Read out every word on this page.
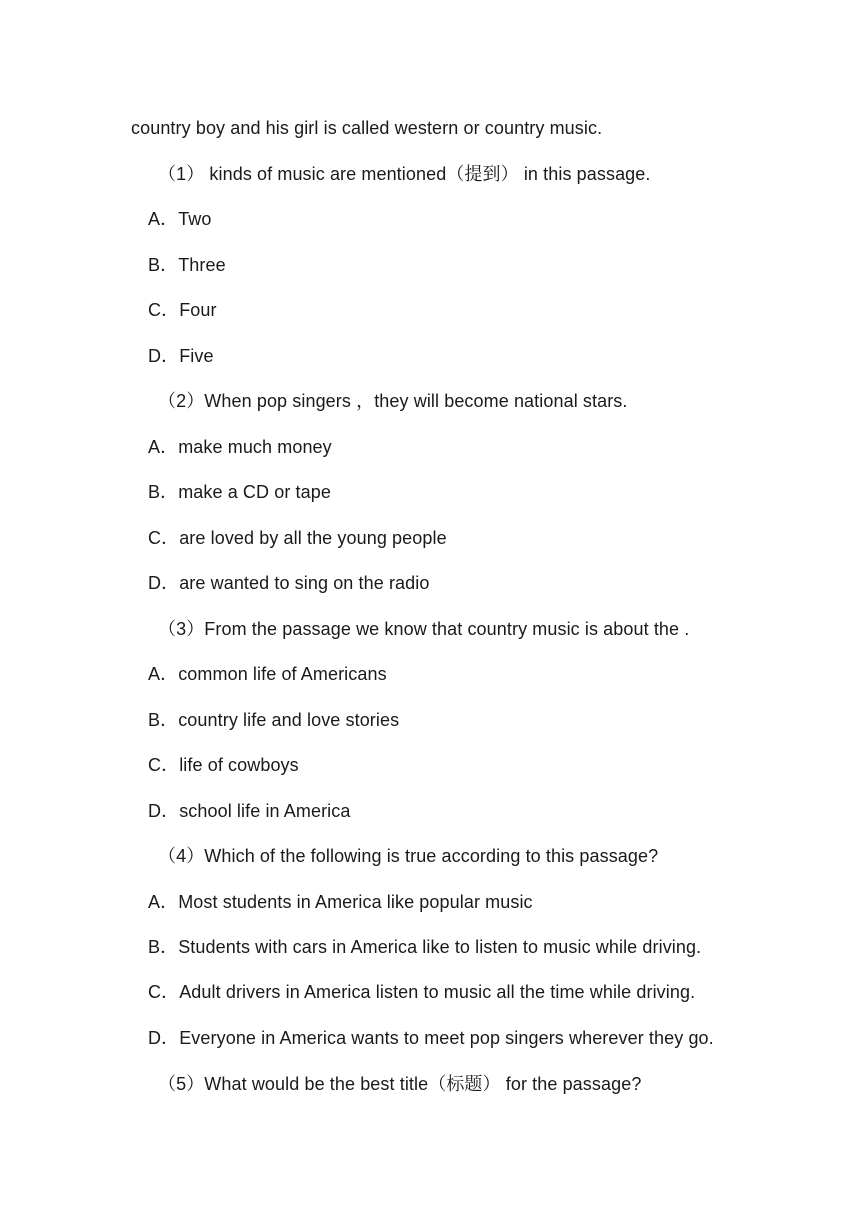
country boy and his girl is called western or country music.
（1） kinds of music are mentioned（提到） in this passage.
A．Two
B．Three
C．Four
D．Five
（2）When pop singers ，they will become national stars.
A．make much money
B．make a CD or tape
C．are loved by all the young people
D．are wanted to sing on the radio
（3）From the passage we know that country music is about the .
A．common life of Americans
B．country life and love stories
C．life of cowboys
D．school life in America
（4）Which of the following is true according to this passage?
A．Most students in America like popular music
B．Students with cars in America like to listen to music while driving.
C．Adult drivers in America listen to music all the time while driving.
D．Everyone in America wants to meet pop singers wherever they go.
（5）What would be the best title（标题） for the passage?
